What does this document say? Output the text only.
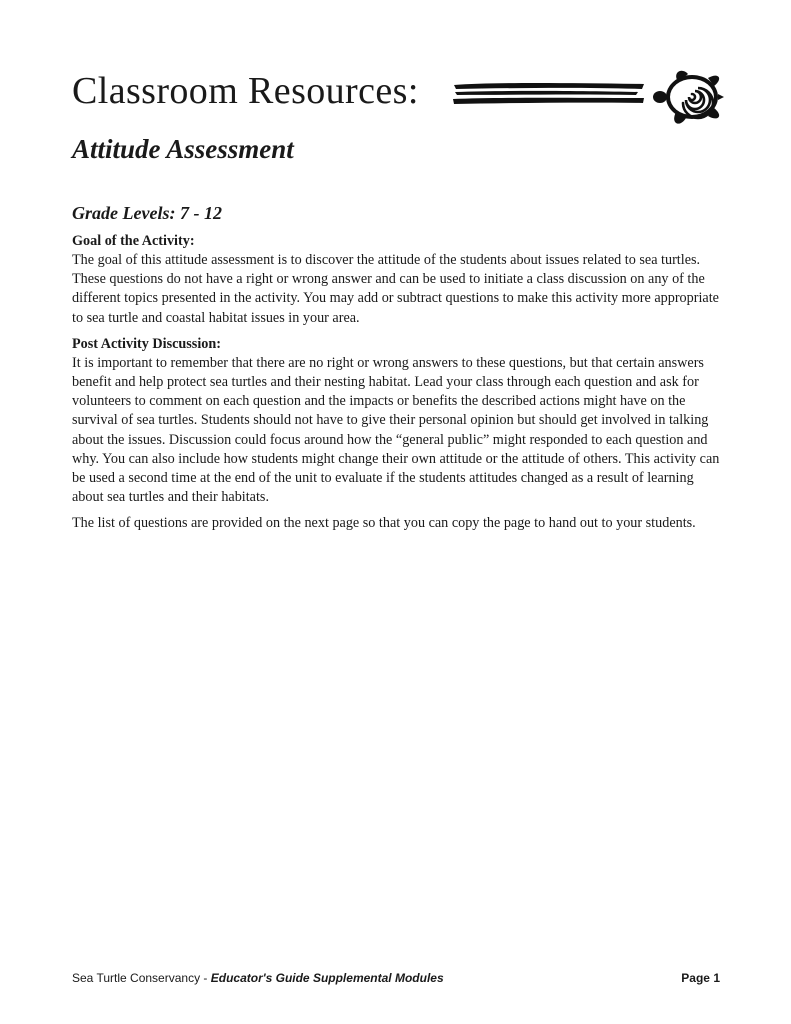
Classroom Resources:
Attitude Assessment
Grade Levels: 7 - 12
Goal of the Activity:

The goal of this attitude assessment is to discover the attitude of the students about issues related to sea turtles. These questions do not have a right or wrong answer and can be used to initiate a class discussion on any of the different topics presented in the activity. You may add or subtract questions to make this activity more appropriate to sea turtle and coastal habitat issues in your area.

Post Activity Discussion:

It is important to remember that there are no right or wrong answers to these questions, but that certain answers benefit and help protect sea turtles and their nesting habitat. Lead your class through each question and ask for volunteers to comment on each question and the impacts or benefits the described actions might have on the survival of sea turtles. Students should not have to give their personal opinion but should get involved in talking about the issues. Discussion could focus around how the “general public” might responded to each question and why. You can also include how students might change their own attitude or the attitude of others. This activity can be used a second time at the end of the unit to evaluate if the students attitudes changed as a result of learning about sea turtles and their habitats.

The list of questions are provided on the next page so that you can copy the page to hand out to your students.

Sea Turtle Conservancy - Educator's Guide Supplemental Modules	Page 1
